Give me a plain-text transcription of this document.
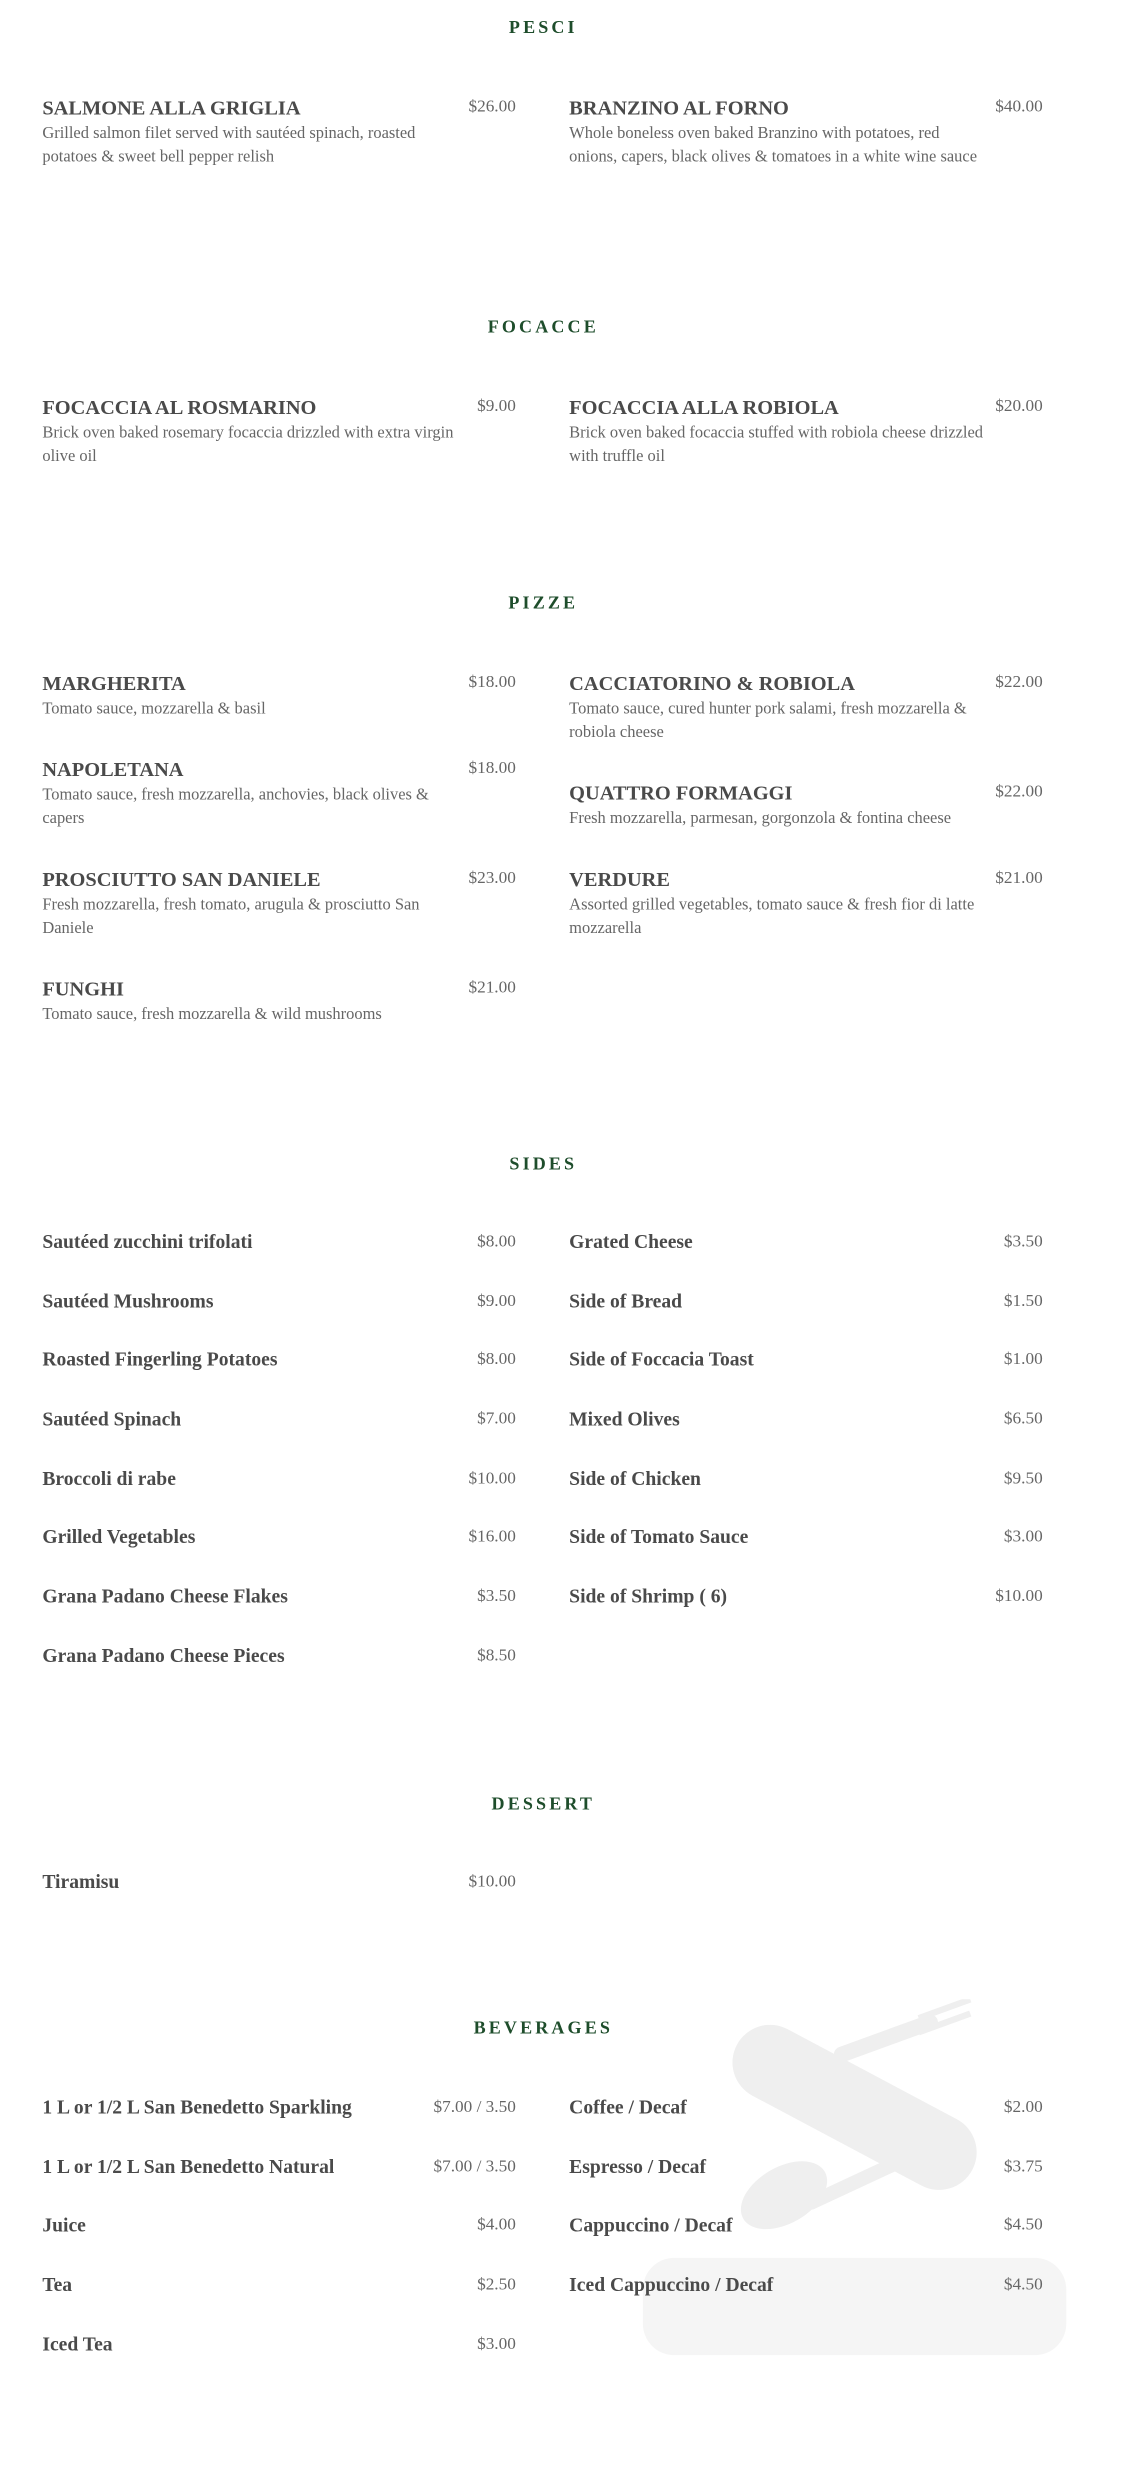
PESCI
SALMONE ALLA GRIGLIA	$26.00
Grilled salmon filet served with sautéed spinach, roasted potatoes & sweet bell pepper relish
BRANZINO AL FORNO	$40.00
Whole boneless oven baked Branzino with potatoes, red onions, capers, black olives & tomatoes in a white wine sauce
FOCACCE
FOCACCIA AL ROSMARINO	$9.00
Brick oven baked rosemary focaccia drizzled with extra virgin olive oil
FOCACCIA ALLA ROBIOLA	$20.00
Brick oven baked focaccia stuffed with robiola cheese drizzled with truffle oil
PIZZE
MARGHERITA	$18.00
Tomato sauce, mozzarella & basil
NAPOLETANA	$18.00
Tomato sauce, fresh mozzarella, anchovies, black olives & capers
PROSCIUTTO SAN DANIELE	$23.00
Fresh mozzarella, fresh tomato, arugula & prosciutto San Daniele
FUNGHI	$21.00
Tomato sauce, fresh mozzarella & wild mushrooms
CACCIATORINO & ROBIOLA	$22.00
Tomato sauce, cured hunter pork salami, fresh mozzarella & robiola cheese
QUATTRO FORMAGGI	$22.00
Fresh mozzarella, parmesan, gorgonzola & fontina cheese
VERDURE	$21.00
Assorted grilled vegetables, tomato sauce & fresh fior di latte mozzarella
SIDES
Sautéed zucchini trifolati	$8.00
Sautéed Mushrooms	$9.00
Roasted Fingerling Potatoes	$8.00
Sautéed Spinach	$7.00
Broccoli di rabe	$10.00
Grilled Vegetables	$16.00
Grana Padano Cheese Flakes	$3.50
Grana Padano Cheese Pieces	$8.50
Grated Cheese	$3.50
Side of Bread	$1.50
Side of Foccacia Toast	$1.00
Mixed Olives	$6.50
Side of Chicken	$9.50
Side of Tomato Sauce	$3.00
Side of Shrimp ( 6)	$10.00
DESSERT
Tiramisu	$10.00
BEVERAGES
1 L or 1/2 L San Benedetto Sparkling	$7.00 / 3.50
1 L or 1/2 L San Benedetto Natural	$7.00 / 3.50
Juice	$4.00
Tea	$2.50
Iced Tea	$3.00
Coffee / Decaf	$2.00
Espresso / Decaf	$3.75
Cappuccino / Decaf	$4.50
Iced Cappuccino / Decaf	$4.50
